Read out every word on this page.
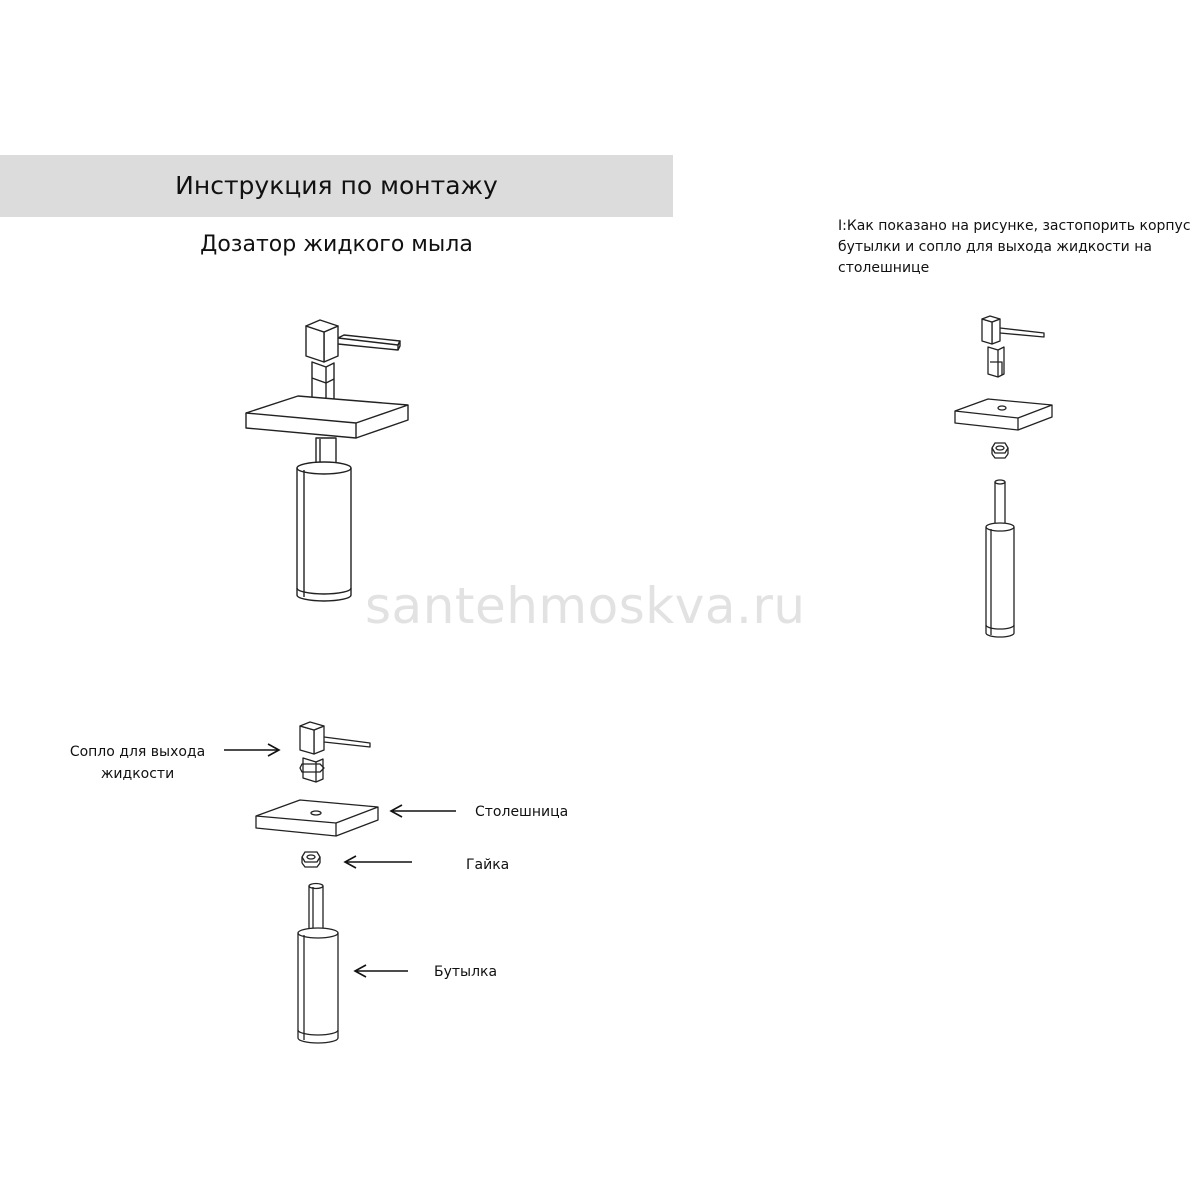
Инструкция по монтажу
Дозатор жидкого мыла
I:Как показано на рисунке, застопорить корпус бутылки и сопло для выхода жидкости на столешнице
santehmoskva.ru
Сопло для выхода жидкости
Столешница
Гайка
Бутылка
